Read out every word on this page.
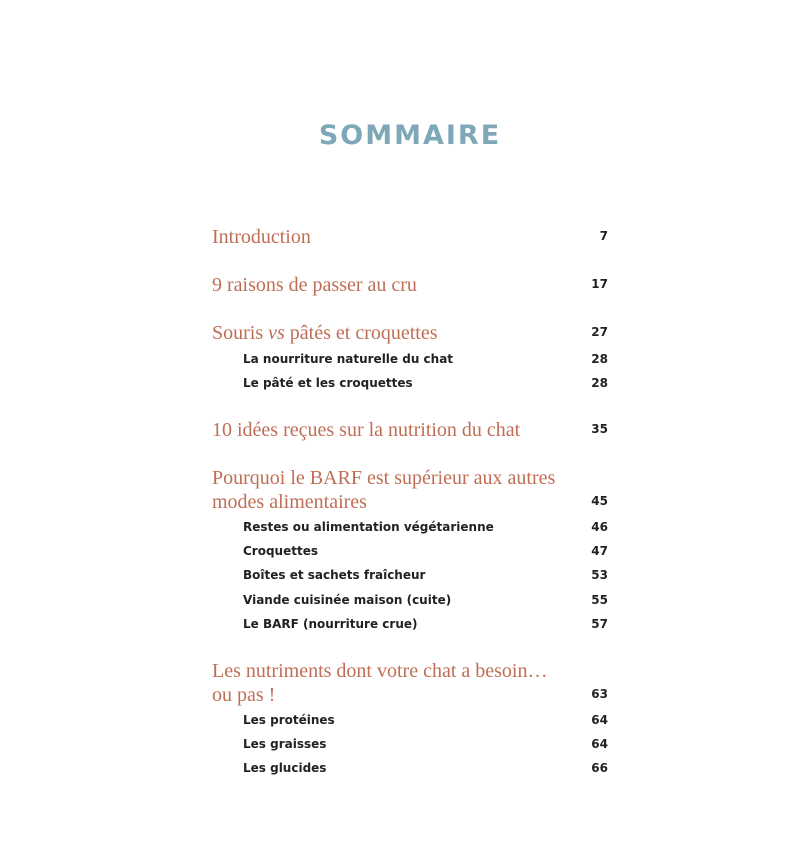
SOMMAIRE
Introduction	7
9 raisons de passer au cru	17
Souris vs pâtés et croquettes	27
La nourriture naturelle du chat	28
Le pâté et les croquettes	28
10 idées reçues sur la nutrition du chat	35
Pourquoi le BARF est supérieur aux autres modes alimentaires	45
Restes ou alimentation végétarienne	46
Croquettes	47
Boîtes et sachets fraîcheur	53
Viande cuisinée maison (cuite)	55
Le BARF (nourriture crue)	57
Les nutriments dont votre chat a besoin… ou pas !	63
Les protéines	64
Les graisses	64
Les glucides	66
